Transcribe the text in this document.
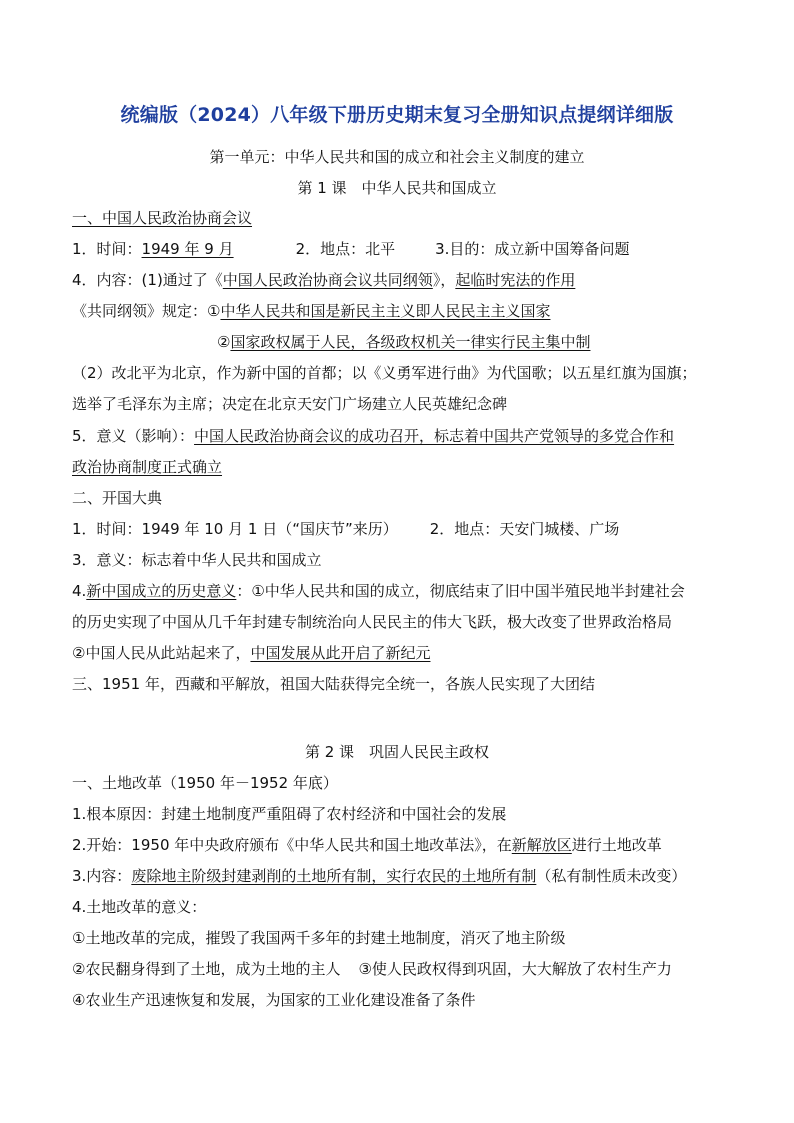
统编版（2024）八年级下册历史期末复习全册知识点提纲详细版
第一单元：中华人民共和国的成立和社会主义制度的建立
第 1 课　中华人民共和国成立
一、中国人民政治协商会议
1．时间：1949 年 9 月	2．地点：北平	3.目的：成立新中国筹备问题
4．内容：(1)通过了《中国人民政治协商会议共同纲领》，起临时宪法的作用
《共同纲领》规定：①中华人民共和国是新民主主义即人民民主主义国家
②国家政权属于人民，各级政权机关一律实行民主集中制
（2）改北平为北京，作为新中国的首都；以《义勇军进行曲》为代国歌；以五星红旗为国旗；
选举了毛泽东为主席；决定在北京天安门广场建立人民英雄纪念碑
5．意义（影响）：中国人民政治协商会议的成功召开，标志着中国共产党领导的多党合作和
政治协商制度正式确立
二、开国大典
1．时间：1949 年 10 月 1 日（“国庆节”来历） 2．地点：天安门城楼、广场
3．意义：标志着中华人民共和国成立
4.新中国成立的历史意义：①中华人民共和国的成立，彻底结束了旧中国半殖民地半封建社会
的历史实现了中国从几千年封建专制统治向人民民主的伟大飞跃，极大改变了世界政治格局
②中国人民从此站起来了，中国发展从此开启了新纪元
三、1951 年，西藏和平解放，祖国大陆获得完全统一，各族人民实现了大团结
第 2 课　巩固人民民主政权
一、土地改革（1950 年－1952 年底）
1.根本原因：封建土地制度严重阻碍了农村经济和中国社会的发展
2.开始：1950 年中央政府颁布《中华人民共和国土地改革法》，在新解放区进行土地改革
3.内容：废除地主阶级封建剥削的土地所有制，实行农民的土地所有制（私有制性质未改变）
4.土地改革的意义：
①土地改革的完成，摧毁了我国两千多年的封建土地制度，消灭了地主阶级
②农民翻身得到了土地，成为土地的主人 ③使人民政权得到巩固，大大解放了农村生产力
④农业生产迅速恢复和发展，为国家的工业化建设准备了条件
